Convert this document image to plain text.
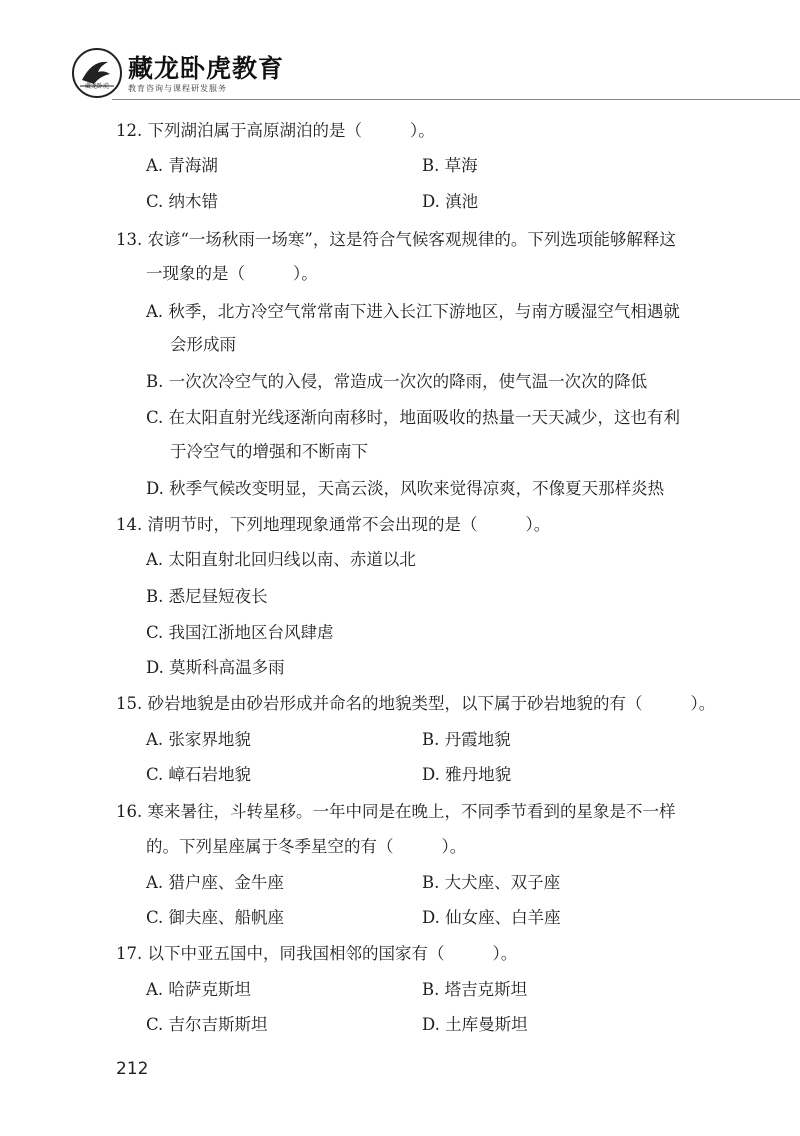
藏龙卧虎
藏龙卧虎教育
教育咨询与课程研发服务
12. 下列湖泊属于高原湖泊的是（	）。
A. 青海湖	B. 草海
C. 纳木错	D. 滇池
13. 农谚“一场秋雨一场寒”，这是符合气候客观规律的。下列选项能够解释这
一现象的是（	）。
A. 秋季，北方冷空气常常南下进入长江下游地区，与南方暖湿空气相遇就
会形成雨
B. 一次次冷空气的入侵，常造成一次次的降雨，使气温一次次的降低
C. 在太阳直射光线逐渐向南移时，地面吸收的热量一天天减少，这也有利
于冷空气的增强和不断南下
D. 秋季气候改变明显，天高云淡，风吹来觉得凉爽，不像夏天那样炎热
14. 清明节时，下列地理现象通常不会出现的是（	）。
A. 太阳直射北回归线以南、赤道以北
B. 悉尼昼短夜长
C. 我国江浙地区台风肆虐
D. 莫斯科高温多雨
15. 砂岩地貌是由砂岩形成并命名的地貌类型，以下属于砂岩地貌的有（	）。
A. 张家界地貌	B. 丹霞地貌
C. 嶂石岩地貌	D. 雅丹地貌
16. 寒来暑往，斗转星移。一年中同是在晚上，不同季节看到的星象是不一样
的。下列星座属于冬季星空的有（	）。
A. 猎户座、金牛座	B. 大犬座、双子座
C. 御夫座、船帆座	D. 仙女座、白羊座
17. 以下中亚五国中，同我国相邻的国家有（	）。
A. 哈萨克斯坦	B. 塔吉克斯坦
C. 吉尔吉斯斯坦	D. 土库曼斯坦
212
